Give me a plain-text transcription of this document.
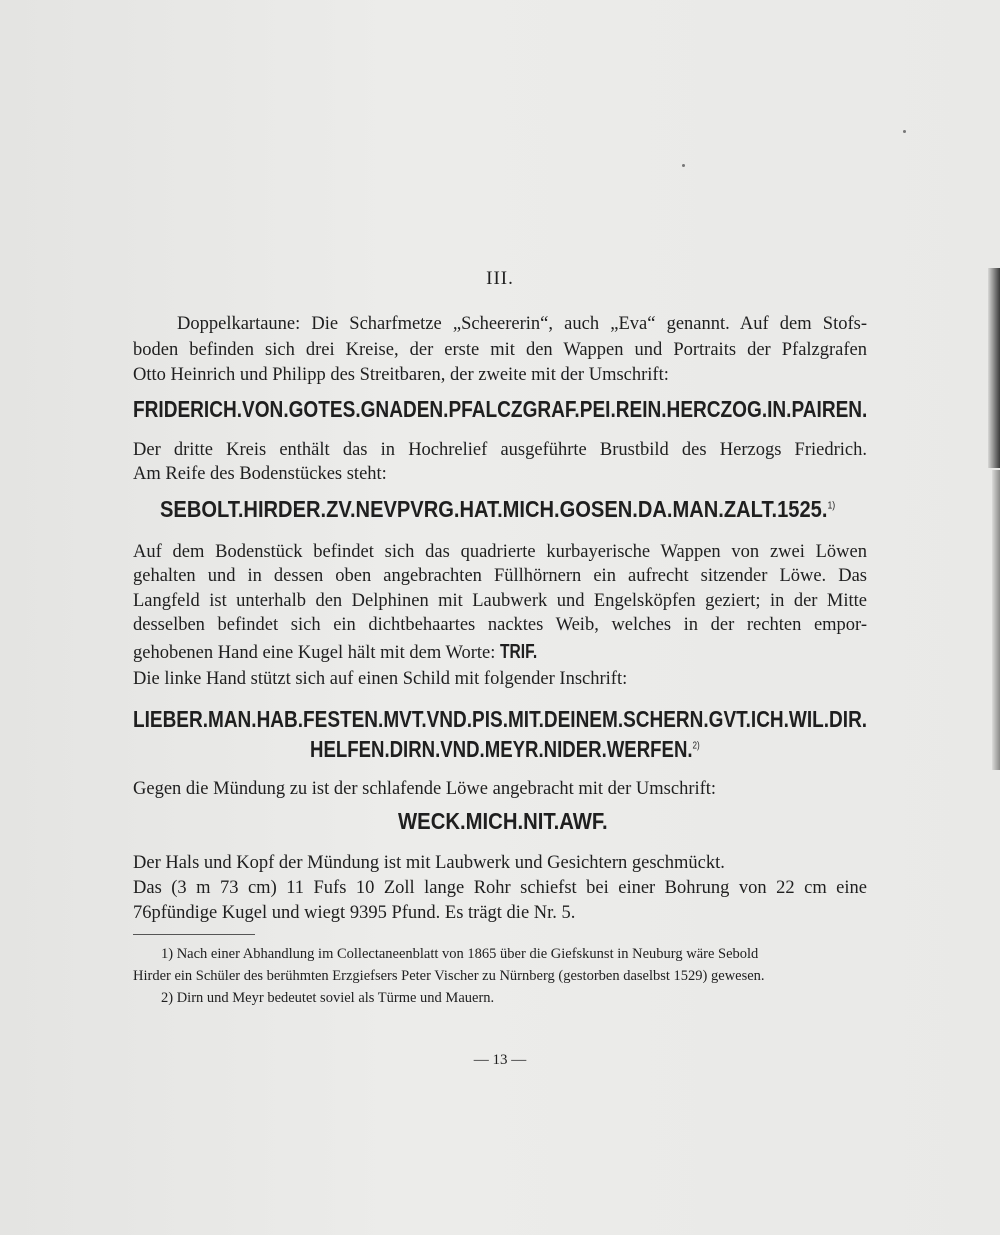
III.
Doppelkartaune: Die Scharfmetze „Scheererin“, auch „Eva“ genannt. Auf dem Stofs-
boden befinden sich drei Kreise, der erste mit den Wappen und Portraits der Pfalzgrafen
Otto Heinrich und Philipp des Streitbaren, der zweite mit der Umschrift:
FRIDERICH.VON.GOTES.GNADEN.PFALCZGRAF.PEI.REIN.HERCZOG.IN.PAIREN.
Der dritte Kreis enthält das in Hochrelief ausgeführte Brustbild des Herzogs Friedrich.
Am Reife des Bodenstückes steht:
SEBOLT.HIRDER.ZV.NEVPVRG.HAT.MICH.GOSEN.DA.MAN.ZALT.1525.$^{1)}$
Auf dem Bodenstück befindet sich das quadrierte kurbayerische Wappen von zwei Löwen
gehalten und in dessen oben angebrachten Füllhörnern ein aufrecht sitzender Löwe. Das
Langfeld ist unterhalb den Delphinen mit Laubwerk und Engelsköpfen geziert; in der Mitte
desselben befindet sich ein dichtbehaartes nacktes Weib, welches in der rechten empor-
gehobenen Hand eine Kugel hält mit dem Worte: TRIF.
Die linke Hand stützt sich auf einen Schild mit folgender Inschrift:
LIEBER.MAN.HAB.FESTEN.MVT.VND.PIS.MIT.DEINEM.SCHERN.GVT.ICH.WIL.DIR.
HELFEN.DIRN.VND.MEYR.NIDER.WERFEN.$^{2)}$
Gegen die Mündung zu ist der schlafende Löwe angebracht mit der Umschrift:
WECK.MICH.NIT.AWF.
Der Hals und Kopf der Mündung ist mit Laubwerk und Gesichtern geschmückt.
Das (3 m 73 cm) 11 Fufs 10 Zoll lange Rohr schiefst bei einer Bohrung von 22 cm eine
76pfündige Kugel und wiegt 9395 Pfund. Es trägt die Nr. 5.
1) Nach einer Abhandlung im Collectaneenblatt von 1865 über die Giefskunst in Neuburg wäre Sebold
Hirder ein Schüler des berühmten Erzgiefsers Peter Vischer zu Nürnberg (gestorben daselbst 1529) gewesen.
2) Dirn und Meyr bedeutet soviel als Türme und Mauern.
— 13 —
